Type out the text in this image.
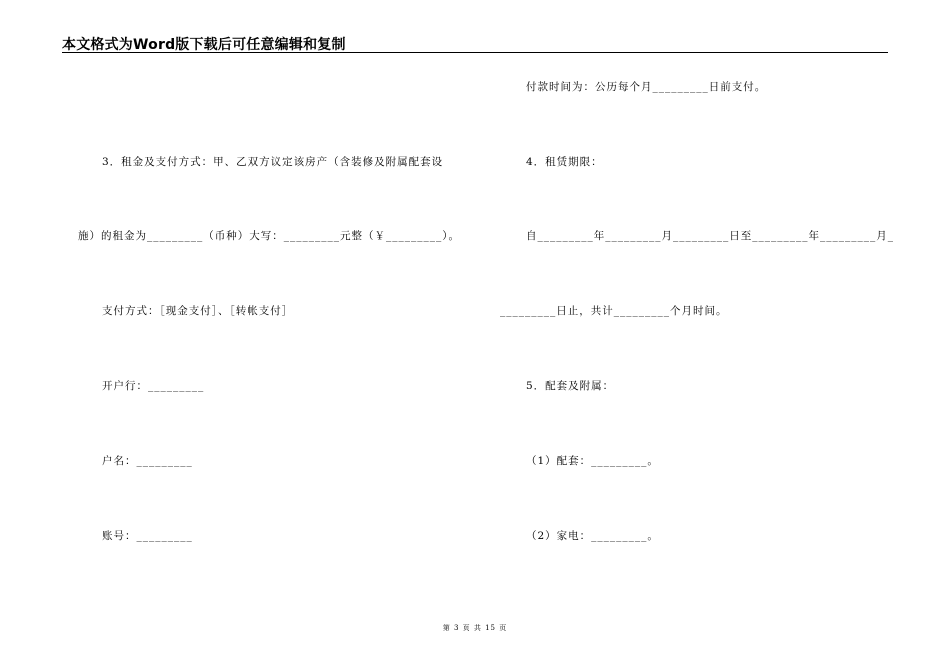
本文格式为Word版下载后可任意编辑和复制
3．租金及支付方式：甲、乙双方议定该房产（含装修及附属配套设
施）的租金为_________（币种）大写：_________元整（￥_________）。
支付方式：［现金支付］、［转帐支付］
开户行：_________
户名：_________
账号：_________
付款时间为：公历每个月_________日前支付。
4．租赁期限：
自_________年_________月_________日至_________年_________月_
_________日止，共计_________个月时间。
5．配套及附属：
（1）配套：_________。
（2）家电：_________。
第 3 页 共 15 页
